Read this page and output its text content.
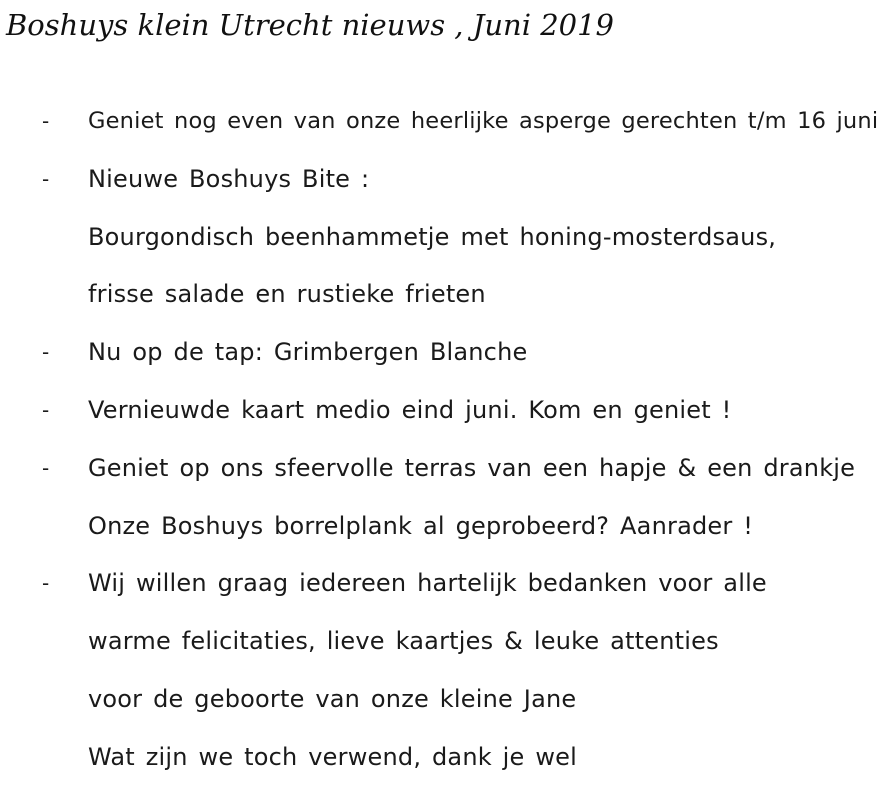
Boshuys klein Utrecht nieuws , Juni 2019
- Geniet nog even van onze heerlijke asperge gerechten t/m 16 juni
- Nieuwe Boshuys Bite :
Bourgondisch beenhammetje met honing-mosterdsaus,
frisse salade en rustieke frieten
- Nu op de tap: Grimbergen Blanche
- Vernieuwde kaart medio eind juni. Kom en geniet !
- Geniet op ons sfeervolle terras van een hapje & een drankje
Onze Boshuys borrelplank al geprobeerd? Aanrader !
- Wij willen graag iedereen hartelijk bedanken voor alle
warme felicitaties, lieve kaartjes & leuke attenties
voor de geboorte van onze kleine Jane
Wat zijn we toch verwend, dank je wel
